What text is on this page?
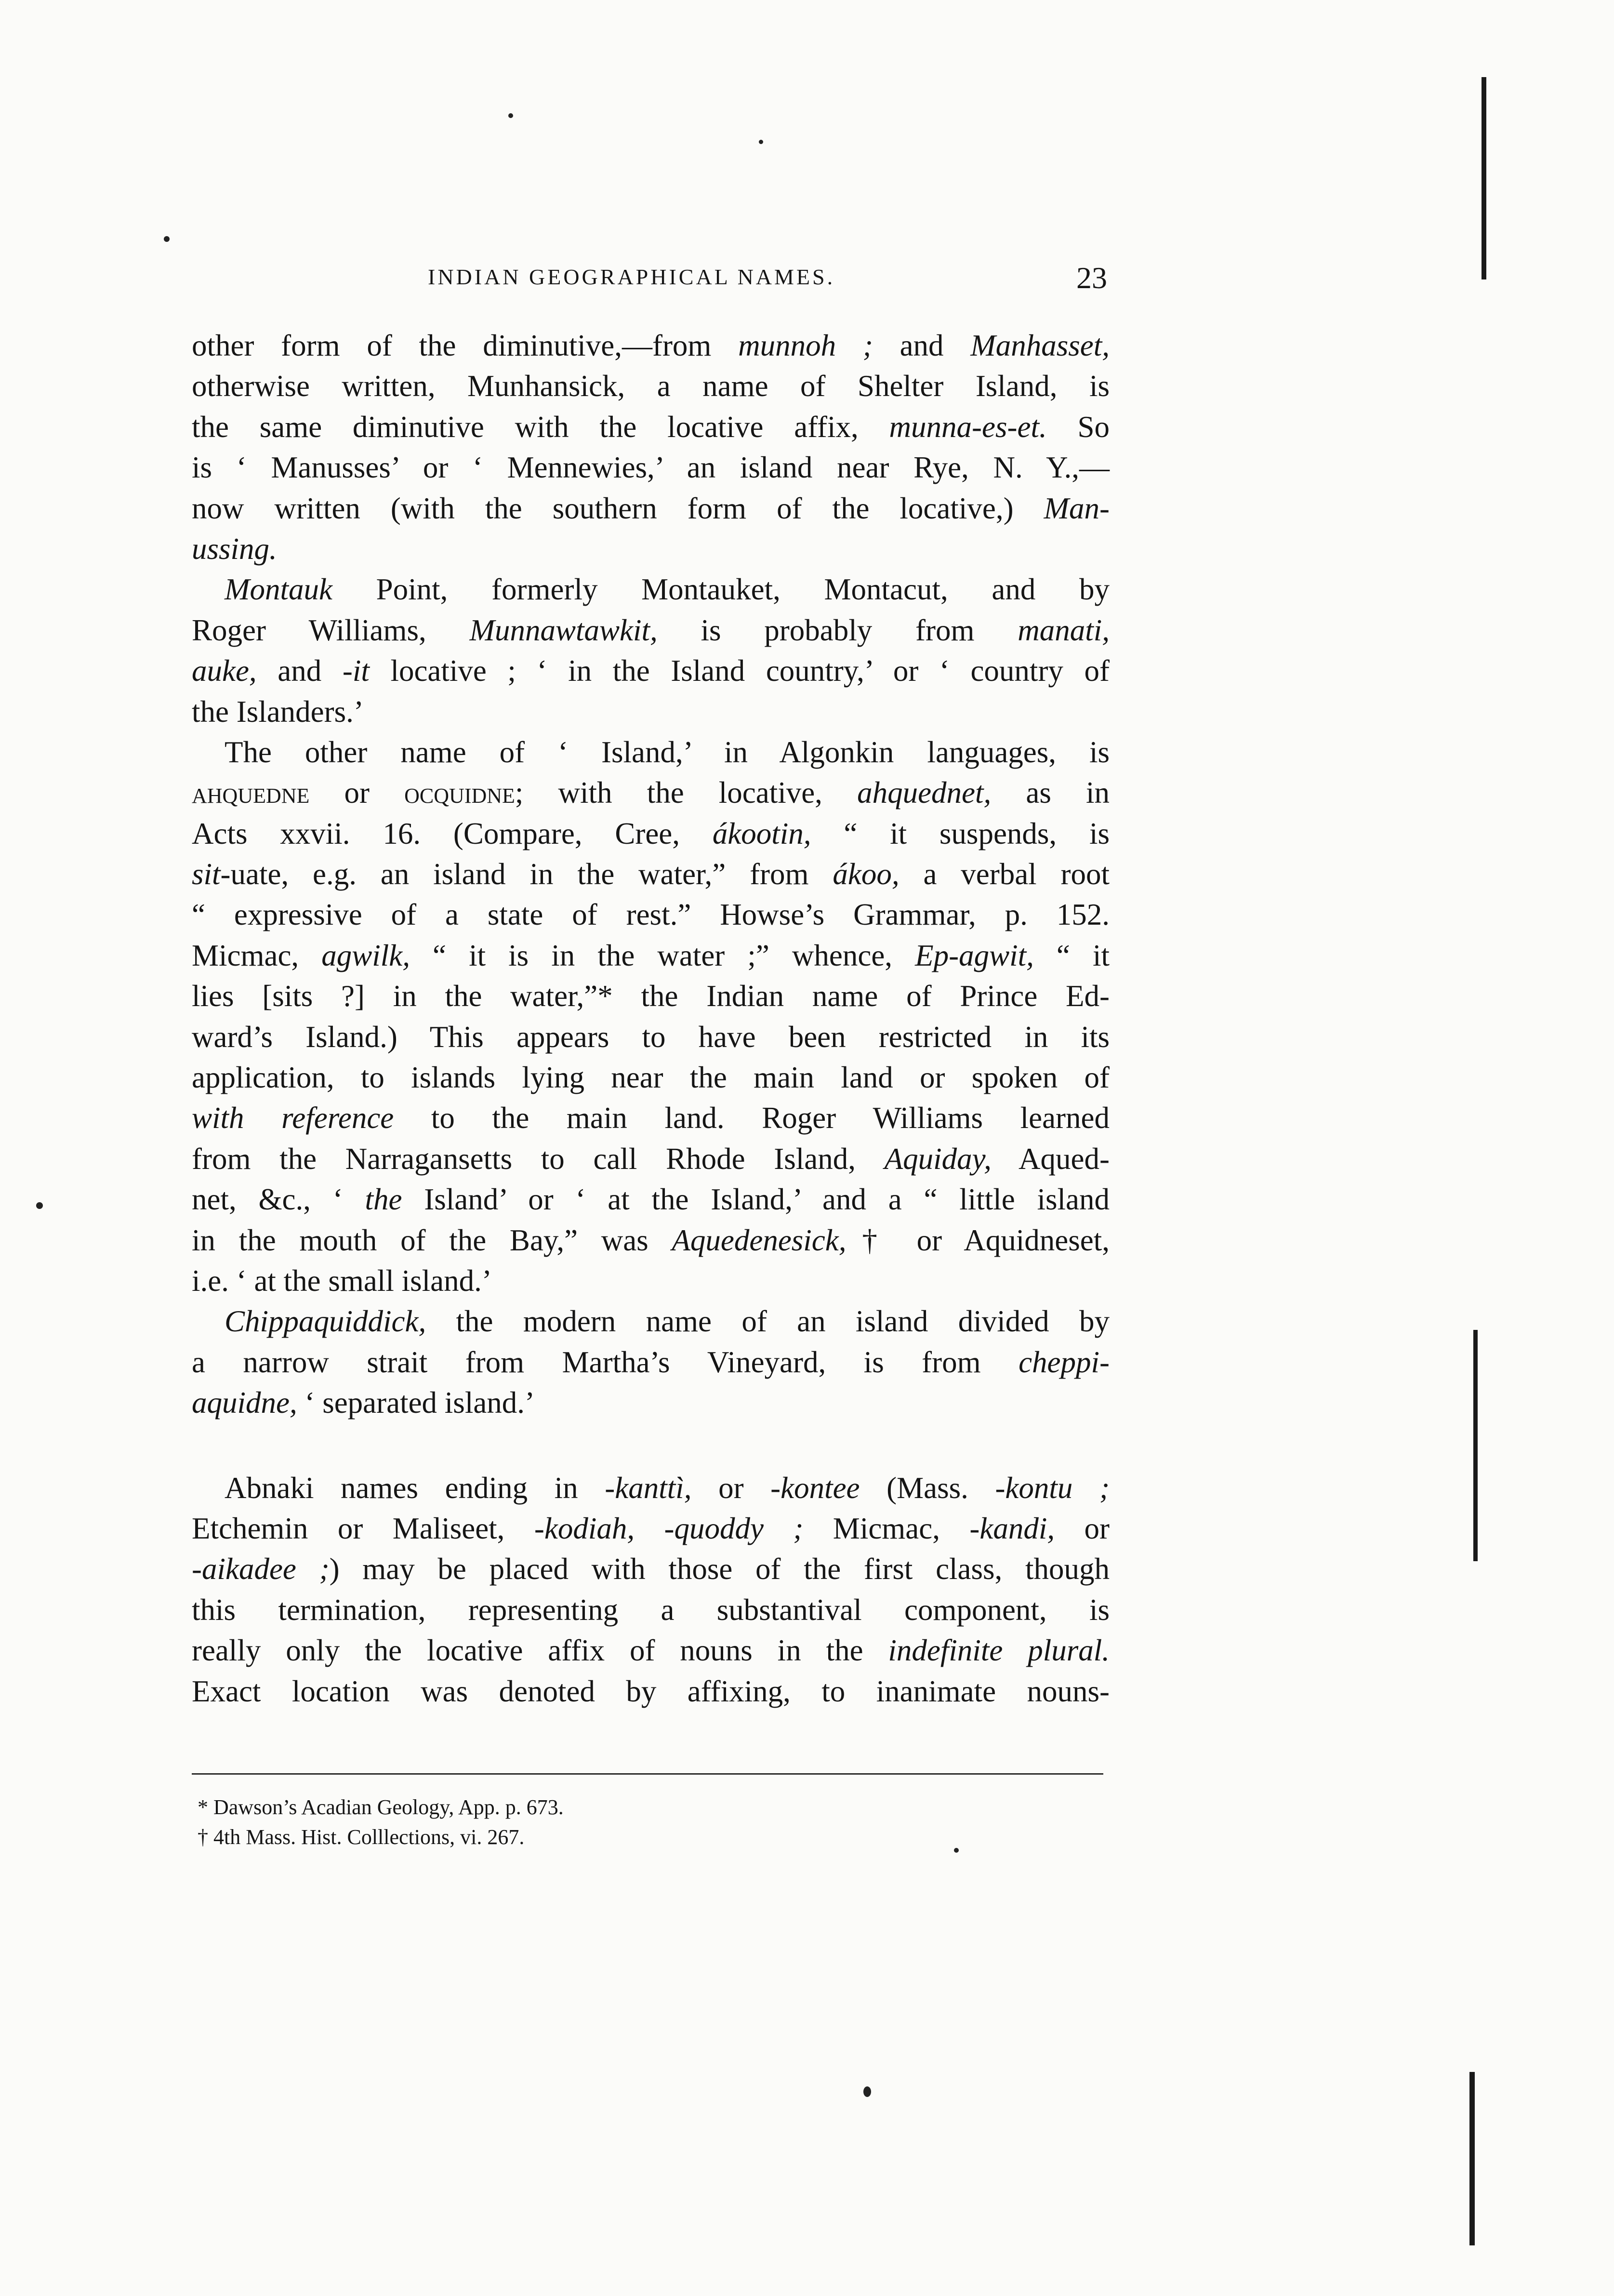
INDIAN GEOGRAPHICAL NAMES.	23
other form of the diminutive,—from munnoh ; and Manhasset,
otherwise written, Munhansick, a name of Shelter Island, is
the same diminutive with the locative affix, munna-es-et. So
is ‘ Manusses’ or ‘ Mennewies,’ an island near Rye, N. Y.,—
now written (with the southern form of the locative,) Man-
ussing.
Montauk Point, formerly Montauket, Montacut, and by
Roger Williams, Munnawtawkit, is probably from manati,
auke, and -it locative ; ‘ in the Island country,’ or ‘ country of
the Islanders.’
The other name of ‘ Island,’ in Algonkin languages, is
ahquedne or ocquidne; with the locative, ahquednet, as in
Acts xxvii. 16. (Compare, Cree, ákootin, “ it suspends, is
sit-uate, e.g. an island in the water,” from ákoo, a verbal root
“ expressive of a state of rest.” Howse’s Grammar, p. 152.
Micmac, agwilk, “ it is in the water ;” whence, Ep-agwit, “ it
lies [sits ?] in the water,”* the Indian name of Prince Ed-
ward’s Island.) This appears to have been restricted in its
application, to islands lying near the main land or spoken of
with reference to the main land. Roger Williams learned
from the Narragansetts to call Rhode Island, Aquiday, Aqued-
net, &c., ‘ the Island’ or ‘ at the Island,’ and a “ little island
in the mouth of the Bay,” was Aquedenesick,† or Aquidneset,
i.e. ‘ at the small island.’
Chippaquiddick, the modern name of an island divided by
a narrow strait from Martha’s Vineyard, is from cheppi-
aquidne, ‘ separated island.’
Abnaki names ending in -kanttì, or -kontee (Mass. -kontu ;
Etchemin or Maliseet, -kodiah, -quoddy ; Micmac, -kandi, or
-aikadee ;) may be placed with those of the first class, though
this termination, representing a substantival component, is
really only the locative affix of nouns in the indefinite plural.
Exact location was denoted by affixing, to inanimate nouns-
* Dawson’s Acadian Geology, App. p. 673.
† 4th Mass. Hist. Colllections, vi. 267.
